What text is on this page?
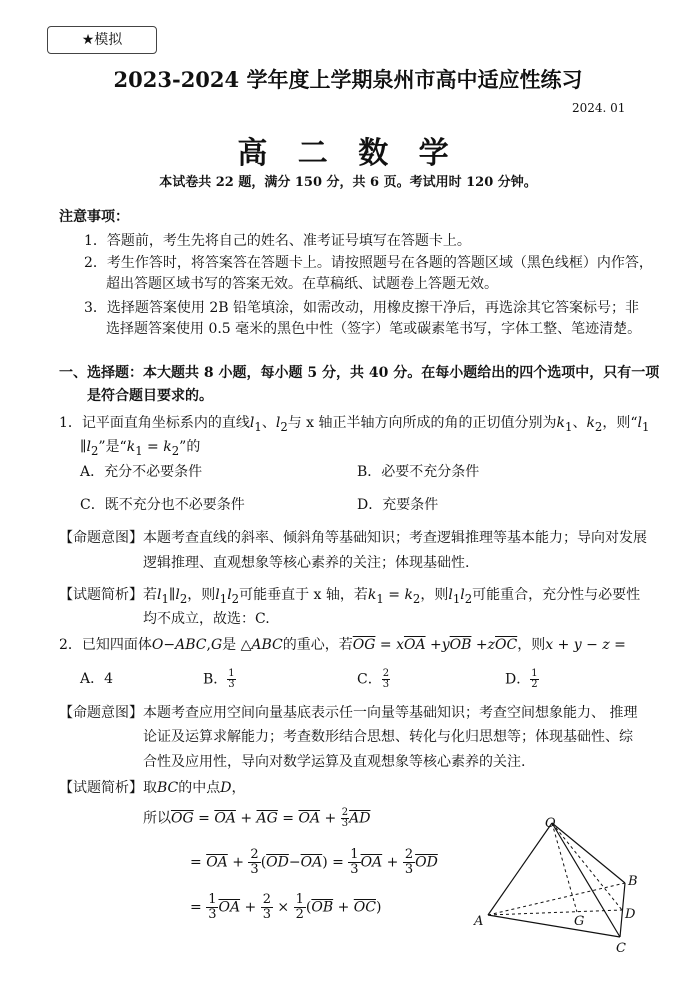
★模拟
2023-2024 学年度上学期泉州市高中适应性练习
2024. 01
高 二 数 学
本试卷共 22 题，满分 150 分，共 6 页。考试用时 120 分钟。
注意事项：
1．答题前，考生先将自己的姓名、准考证号填写在答题卡上。
2．考生作答时，将答案答在答题卡上。请按照题号在各题的答题区域（黑色线框）内作答，
超出答题区域书写的答案无效。在草稿纸、试题卷上答题无效。
3．选择题答案使用 2B 铅笔填涂，如需改动，用橡皮擦干净后，再选涂其它答案标号；非
选择题答案使用 0.5 毫米的黑色中性（签字）笔或碳素笔书写，字体工整、笔迹清楚。
一、选择题：本大题共 8 小题，每小题 5 分，共 40 分。在每小题给出的四个选项中，只有一项
是符合题目要求的。
1．记平面直角坐标系内的直线$l_1$、$l_2$与 x 轴正半轴方向所成的角的正切值分别为$k_1$、$k_2$，则“$l_1$
$\parallel l_2$”是“$k_1 = k_2$”的
A．充分不必要条件	B．必要不充分条件
C．既不充分也不必要条件	D．充要条件
【命题意图】本题考查直线的斜率、倾斜角等基础知识；考查逻辑推理等基本能力；导向对发展
逻辑推理、直观想象等核心素养的关注；体现基础性.
【试题简析】若$l_1\parallel l_2$，则$l_1l_2$可能垂直于 x 轴，若$k_1 = k_2$，则$l_1l_2$可能重合，充分性与必要性
均不成立，故选：C.
2．已知四面体O−ABC,G是 △ABC的重心，若$\overline{OG} = x\overline{OA} +y\overline{OB} +z\overline{OC}$，则x + y − z =
A．4	B． $\frac{1}{3}$	C． $\frac{2}{3}$	D． $\frac{1}{2}$
【命题意图】本题考查应用空间向量基底表示任一向量等基础知识；考查空间想象能力、 推理
论证及运算求解能力；考查数形结合思想、转化与化归思想等；体现基础性、综
合性及应用性，导向对数学运算及直观想象等核心素养的关注.
【试题简析】取BC的中点D，
所以$\overline{OG} = \overline{OA} + \overline{AG} = \overline{OA} + \frac{2}{3} \overline{AD}$
= $\overline{OA} + \frac{2}{3} (\overline{OD}-\overline{OA}) = \frac{1}{3} \overline{OA} + \frac{2}{3} \overline{OD}$
= $\frac{1}{3} \overline{OA} + \frac{2}{3} \times \frac{1}{2} (\overline{OB} + \overline{OC})$
O
A
B
C
D
G
